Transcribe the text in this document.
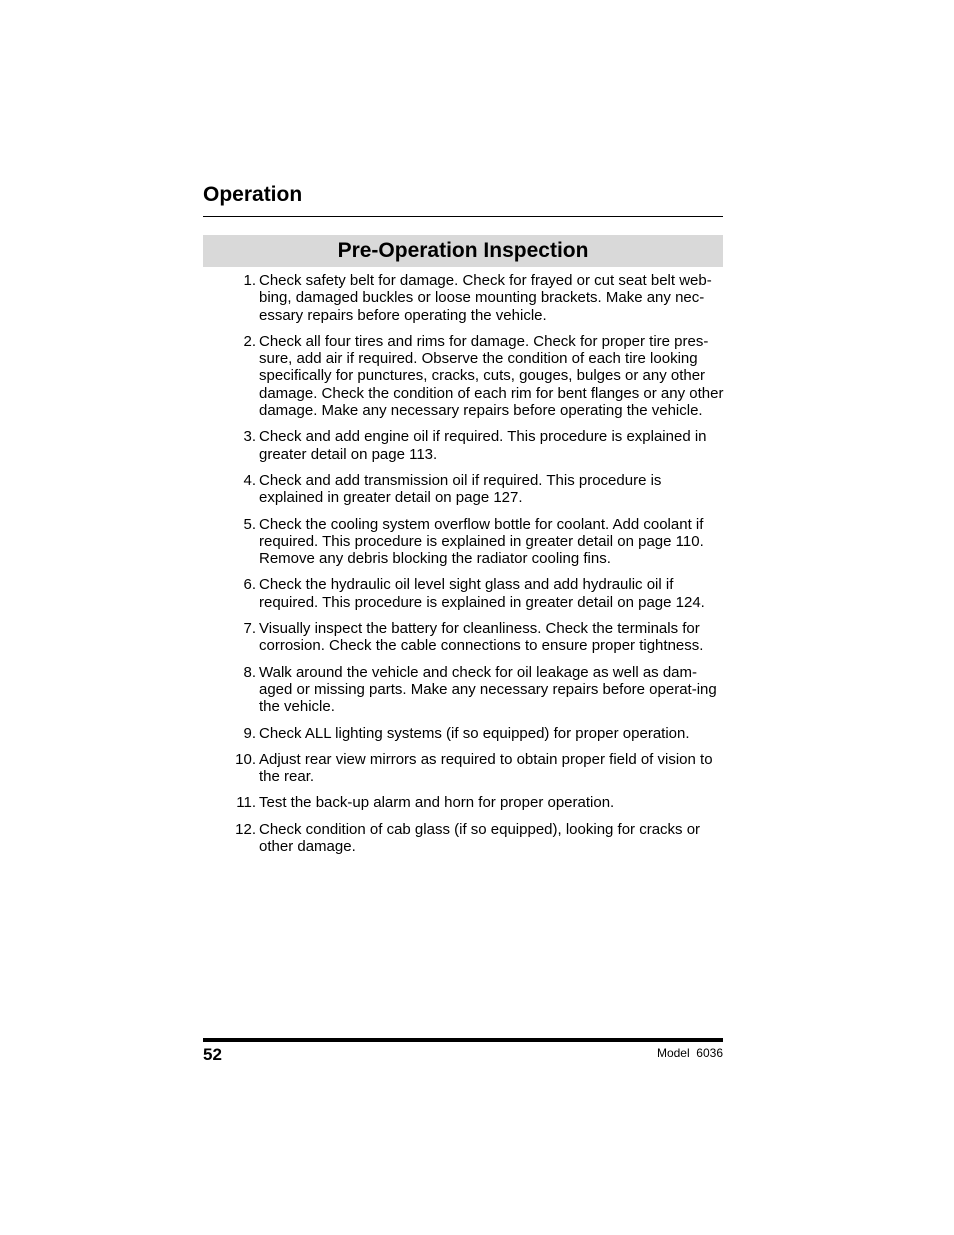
Operation
Pre-Operation Inspection
1. Check safety belt for damage. Check for frayed or cut seat belt web-bing, damaged buckles or loose mounting brackets. Make any nec-essary repairs before operating the vehicle.
2. Check all four tires and rims for damage. Check for proper tire pres-sure, add air if required. Observe the condition of each tire looking specifically for punctures, cracks, cuts, gouges, bulges or any other damage. Check the condition of each rim for bent flanges or any other damage. Make any necessary repairs before operating the vehicle.
3. Check and add engine oil if required. This procedure is explained in greater detail on page 113.
4. Check and add transmission oil if required. This procedure is explained in greater detail on page 127.
5. Check the cooling system overflow bottle for coolant. Add coolant if required. This procedure is explained in greater detail on page 110. Remove any debris blocking the radiator cooling fins.
6. Check the hydraulic oil level sight glass and add hydraulic oil if required. This procedure is explained in greater detail on page 124.
7. Visually inspect the battery for cleanliness. Check the terminals for corrosion. Check the cable connections to ensure proper tightness.
8. Walk around the vehicle and check for oil leakage as well as dam-aged or missing parts. Make any necessary repairs before operat-ing the vehicle.
9. Check ALL lighting systems (if so equipped) for proper operation.
10. Adjust rear view mirrors as required to obtain proper field of vision to the rear.
11. Test the back-up alarm and horn for proper operation.
12. Check condition of cab glass (if so equipped), looking for cracks or other damage.
52	Model  6036
